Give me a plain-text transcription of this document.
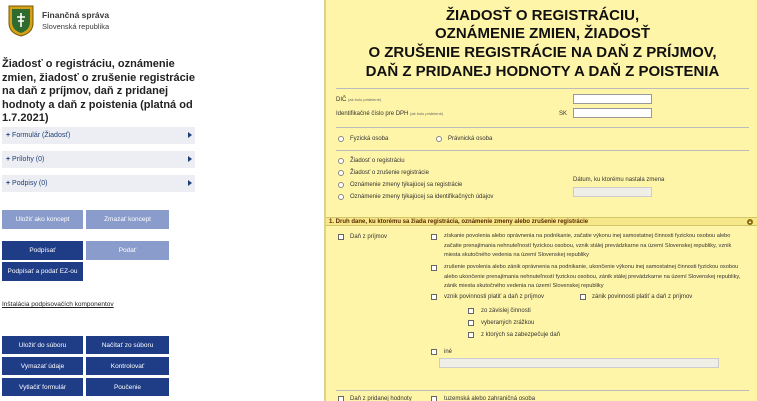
Finančná správa
Slovenská republika
Žiadosť o registráciu, oznámenie zmien, žiadosť o zrušenie registrácie na daň z príjmov, daň z pridanej hodnoty a daň z poistenia (platná od 1.7.2021)
+ Formulár (Žiadosť)
+ Prílohy (0)
+ Podpisy (0)
Uložiť ako koncept	Zmazať koncept
Podpísať	Podať
Podpísať a podať EZ-ou
Inštalácia podpisovačích komponentov
Uložiť do súboru	Načítať zo súboru
Vymazať údaje	Kontrolovať
Vytlačiť formulár	Poučenie
ŽIADOSŤ O REGISTRÁCIU,
OZNÁMENIE ZMIEN, ŽIADOSŤ
O ZRUŠENIE REGISTRÁCIE NA DAŇ Z PRÍJMOV,
DAŇ Z PRIDANEJ HODNOTY A DAŇ Z POISTENIA
DIČ (ak bolo pridelené)
Identifikačné číslo pre DPH (ak bolo pridelené)	SK
Fyzická osoba	Právnická osoba
Žiadosť o registráciu
Žiadosť o zrušenie registrácie
Oznámenie zmeny týkajúcej sa registrácie
Oznámenie zmeny týkajúcej sa identifikačných údajov
Dátum, ku ktorému nastala zmena
1. Druh dane, ku ktorému sa žiada registrácia, oznámenie zmeny alebo zrušenie registrácie	▲
Daň z príjmov	získanie povolenia alebo oprávnenia na podnikanie, začatie výkonu inej samostatnej činnosti fyzickou osobou alebo začatie prenajímania nehnuteľností fyzickou osobou, vznik stálej prevádzkarne na území Slovenskej republiky, vznik miesta skutočného vedenia na území Slovenskej republiky
zrušenie povolenia alebo zánik oprávnenia na podnikanie, ukončenie výkonu inej samostatnej činnosti fyzickou osobou alebo ukončenie prenajímania nehnuteľností fyzickou osobou, zánik stálej prevádzkarne na území Slovenskej republiky, zánik miesta skutočného vedenia na území Slovenskej republiky
vznik povinnosti platiť a daň z príjmov	zánik povinnosti platiť a daň z príjmov
zo závislej činnosti
vyberaných zrážkou
z ktorých sa zabezpečuje daň
iné
Daň z pridanej hodnoty	tuzemská alebo zahraničná osoba
